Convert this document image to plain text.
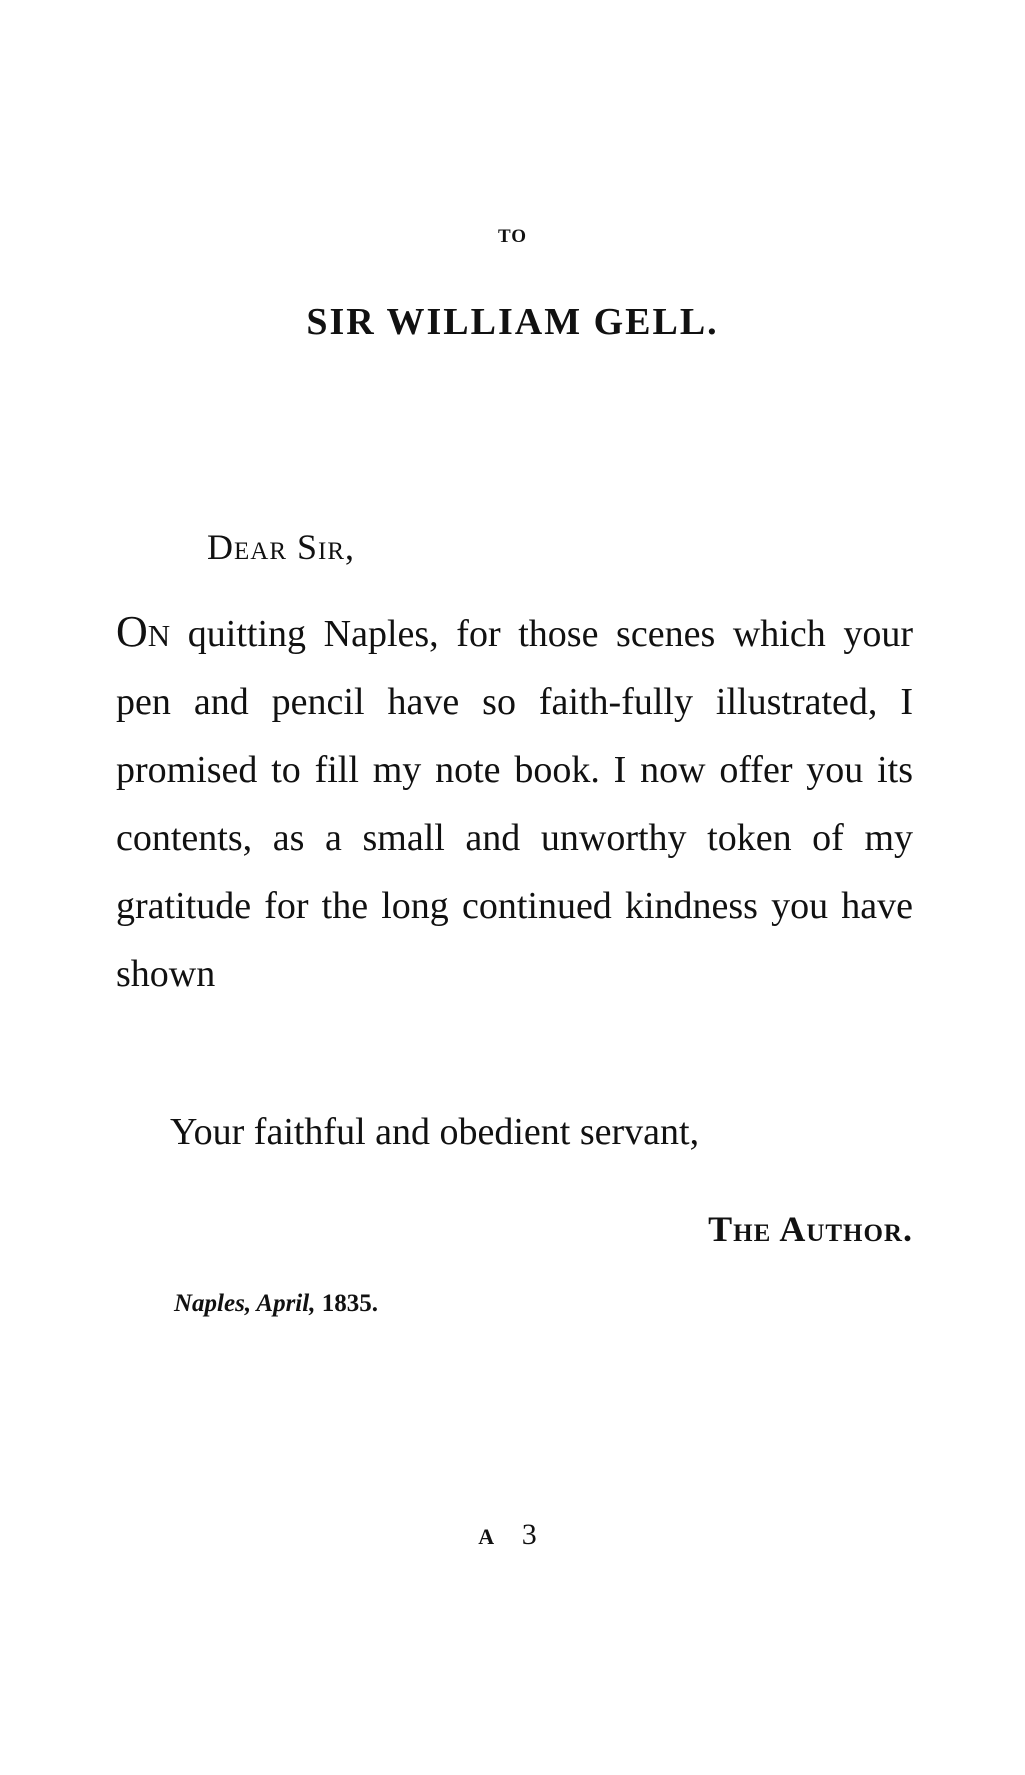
TO
SIR WILLIAM GELL.
Dear Sir,
On quitting Naples, for those scenes which your pen and pencil have so faith-fully illustrated, I promised to fill my note book. I now offer you its contents, as a small and unworthy token of my gratitude for the long continued kindness you have shown
Your faithful and obedient servant,
The Author.
Naples, April, 1835.
A 3
